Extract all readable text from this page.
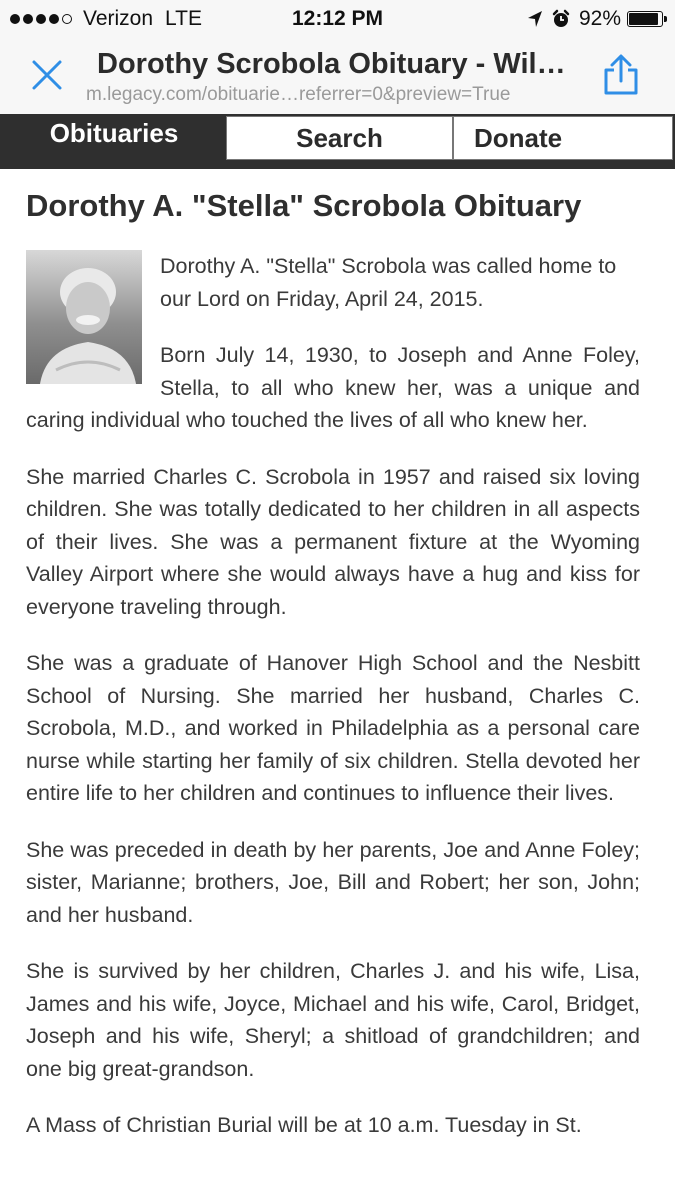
Verizon LTE	12:12 PM	92%
Dorothy Scrobola Obituary - Wil…
m.legacy.com/obituarie…referrer=0&preview=True
Obituaries	Search	Donate
Dorothy A. "Stella" Scrobola Obituary

Dorothy A. "Stella" Scrobola was called home to our Lord on Friday, April 24, 2015.

Born July 14, 1930, to Joseph and Anne Foley, Stella, to all who knew her, was a unique and caring individual who touched the lives of all who knew her.

She married Charles C. Scrobola in 1957 and raised six loving children. She was totally dedicated to her children in all aspects of their lives. She was a permanent fixture at the Wyoming Valley Airport where she would always have a hug and kiss for everyone traveling through.

She was a graduate of Hanover High School and the Nesbitt School of Nursing. She married her husband, Charles C. Scrobola, M.D., and worked in Philadelphia as a personal care nurse while starting her family of six children. Stella devoted her entire life to her children and continues to influence their lives.

She was preceded in death by her parents, Joe and Anne Foley; sister, Marianne; brothers, Joe, Bill and Robert; her son, John; and her husband.

She is survived by her children, Charles J. and his wife, Lisa, James and his wife, Joyce, Michael and his wife, Carol, Bridget, Joseph and his wife, Sheryl; a shitload of grandchildren; and one big great-grandson.

A Mass of Christian Burial will be at 10 a.m. Tuesday in St.
